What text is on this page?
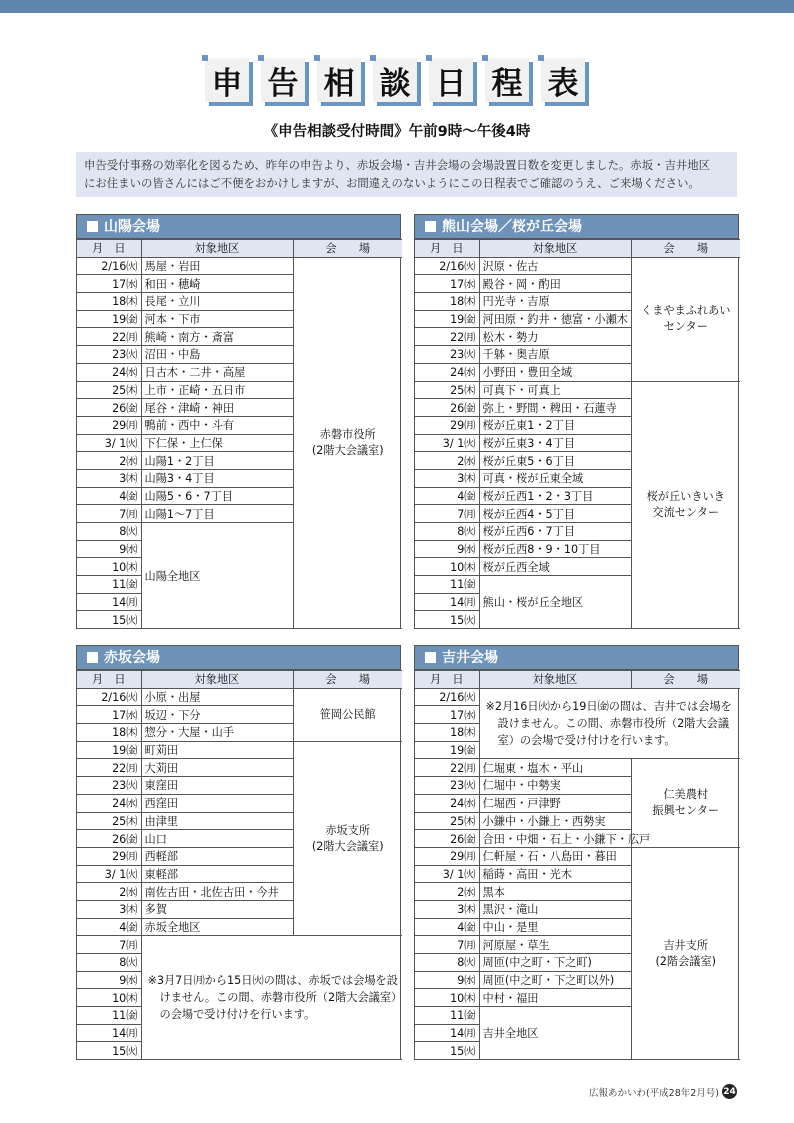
申 告 相 談 日 程 表
《申告相談受付時間》午前9時～午後4時
申告受付事務の効率化を図るため、昨年の申告より、赤坂会場・吉井会場の会場設置日数を変更しました。赤坂・吉井地区
にお住まいの皆さんにはご不便をおかけしますが、お間違えのないようにこの日程表でご確認のうえ、ご来場ください。
山陽会場
月　日	対象地区	会　　場
2/16㈫	馬屋・岩田	赤磐市役所
(2階大会議室)
17㈬	和田・穂崎	
18㈭	長尾・立川	
19㈮	河本・下市	
22㈪	熊崎・南方・斎富	
23㈫	沼田・中島	
24㈬	日古木・二井・高屋	
25㈭	上市・正崎・五日市	
26㈮	尾谷・津崎・神田	
29㈪	鴨前・西中・斗有	
3/ 1㈫	下仁保・上仁保	
2㈬	山陽1・2丁目	
3㈭	山陽3・4丁目	
4㈮	山陽5・6・7丁目	
7㈪	山陽1～7丁目	
8㈫	山陽全地区	
9㈬		
10㈭		
11㈮		
14㈪		
15㈫		
熊山会場／桜が丘会場
月　日	対象地区	会　　場
2/16㈫	沢原・佐古	くまやまふれあい
センター
17㈬	殿谷・岡・酌田	
18㈭	円光寺・吉原	
19㈮	河田原・釣井・徳富・小瀬木	
22㈪	松木・勢力	
23㈫	千躰・奥吉原	
24㈬	小野田・豊田全域	
25㈭	可真下・可真上	桜が丘いきいき
交流センター
26㈮	弥上・野間・稗田・石蓮寺	
29㈪	桜が丘東1・2丁目	
3/ 1㈫	桜が丘東3・4丁目	
2㈬	桜が丘東5・6丁目	
3㈭	可真・桜が丘東全域	
4㈮	桜が丘西1・2・3丁目	
7㈪	桜が丘西4・5丁目	
8㈫	桜が丘西6・7丁目	
9㈬	桜が丘西8・9・10丁目	
10㈭	桜が丘西全域	
11㈮	熊山・桜が丘全地区	
14㈪		
15㈫		
赤坂会場
月　日	対象地区	会　　場
2/16㈫	小原・出屋	笹岡公民館
17㈬	坂辺・下分	
18㈭	惣分・大屋・山手	
19㈮	町苅田	赤坂支所
(2階大会議室)
22㈪	大苅田	
23㈫	東窪田	
24㈬	西窪田	
25㈭	由津里	
26㈮	山口	
29㈪	西軽部	
3/ 1㈫	東軽部	
2㈬	南佐古田・北佐古田・今井	
3㈭	多賀	
4㈮	赤坂全地区	
7㈪	※3月7日㈪から15日㈫の間は、赤坂では会場を設けません。この間、赤磐市役所（2階大会議室）の会場で受け付けを行います。	
8㈫		
9㈬		
10㈭		
11㈮		
14㈪		
15㈫		
吉井会場
月　日	対象地区	会　　場
2/16㈫	※2月16日㈫から19日㈮の間は、吉井では会場を設けません。この間、赤磐市役所（2階大会議室）の会場で受け付けを行います。	
17㈬		
18㈭		
19㈮		
22㈪	仁堀東・塩木・平山	仁美農村
振興センター
23㈫	仁堀中・中勢実	
24㈬	仁堀西・戸津野	
25㈭	小鎌中・小鎌上・西勢実	
26㈮	合田・中畑・石上・小鎌下・広戸	
29㈪	仁軒屋・石・八島田・暮田	吉井支所
(2階会議室)
3/ 1㈫	稲蒔・高田・光木	
2㈬	黒本	
3㈭	黒沢・滝山	
4㈮	中山・是里	
7㈪	河原屋・草生	
8㈫	周匝(中之町・下之町)	
9㈬	周匝(中之町・下之町以外)	
10㈭	中村・福田	
11㈮	吉井全地区	
14㈪		
15㈫		
広報あかいわ(平成28年2月号) 24
